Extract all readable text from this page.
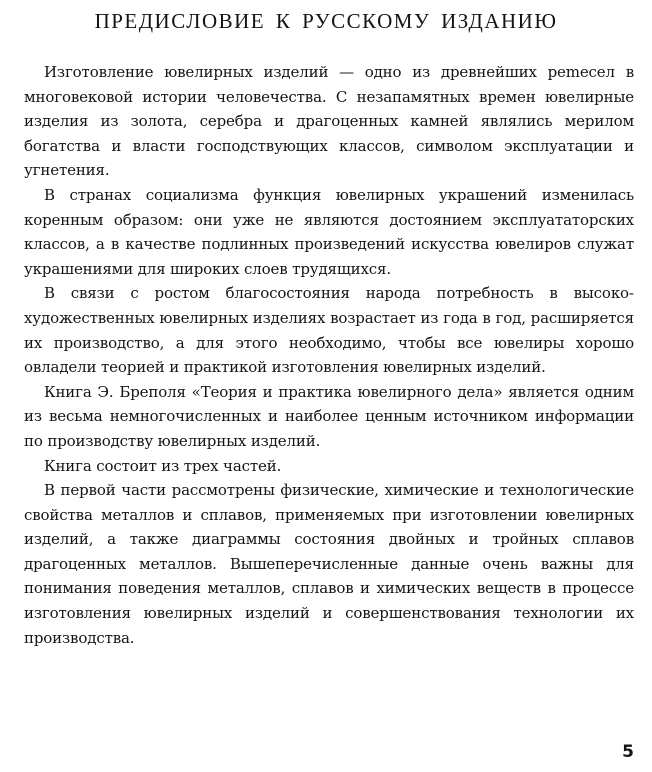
ПРЕДИСЛОВИЕ К РУССКОМУ ИЗДАНИЮ

Изготовление ювелирных изделий — одно из древнейших реmесел в многовековой истории человечества. С незапамятных времен ювелирные изделия из золота, серебра и драгоценных камней являлись мерилом богатства и власти господствующих классов, символом эксплуатации и угнетения.

В странах социализма функция ювелирных украшений изменилась коренным образом: они уже не являются достоянием эксплуататорских классов, а в качестве подлинных произведений искусства ювелиров служат украшениями для широких слоев трудящихся.

В связи с ростом благосостояния народа потребность в высокохудожественных ювелирных изделиях возрастает из года в год, расширяется их производство, а для этого необходимо, чтобы все ювелиры хорошо овладели теорией и практикой изготовления ювелирных изделий.

Книга Э. Бреполя «Теория и практика ювелирного дела» является одним из весьма немногочисленных и наиболее ценным источником информации по производству ювелирных изделий.

Книга состоит из трех частей.

В первой части рассмотрены физические, химические и технологические свойства металлов и сплавов, применяемых при изготовлении ювелирных изделий, а также диаграммы состояния двойных и тройных сплавов драгоценных металлов. Вышеперечисленные данные очень важны для понимания поведения металлов, сплавов и химических веществ в процессе изготовления ювелирных изделий и совершенствования технологии их производства.

5
